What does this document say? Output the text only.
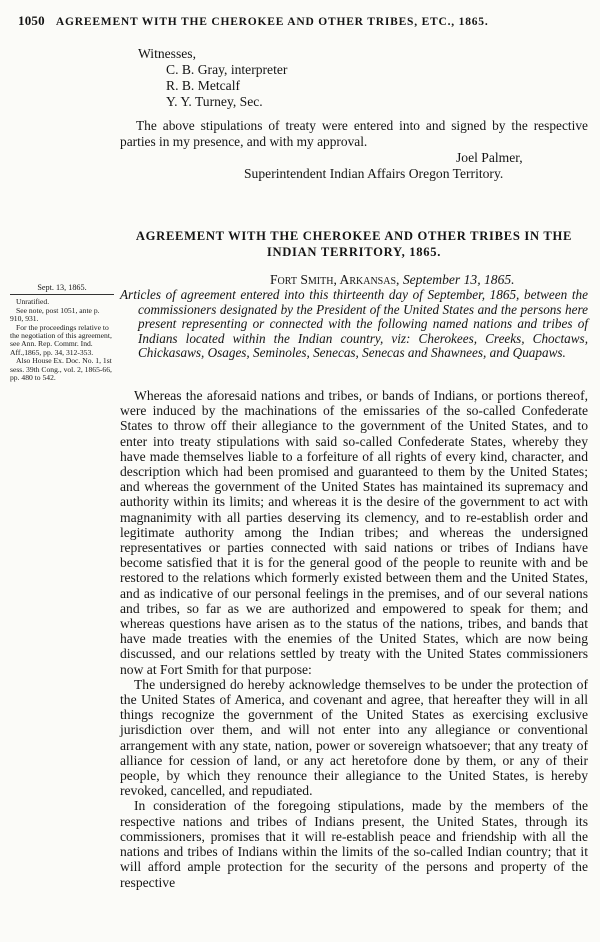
1050 AGREEMENT WITH THE CHEROKEE AND OTHER TRIBES, ETC., 1865.
Witnesses,
C. B. Gray, interpreter
R. B. Metcalf
Y. Y. Turney, Sec.
The above stipulations of treaty were entered into and signed by the respective parties in my presence, and with my approval.
Joel Palmer,
Superintendent Indian Affairs Oregon Territory.
AGREEMENT WITH THE CHEROKEE AND OTHER TRIBES IN THE INDIAN TERRITORY, 1865.
Fort Smith, Arkansas, September 13, 1865.
Sept. 13, 1865.
Unratified.
See note, post 1051, ante p. 910, 931.
For the proceedings relative to the negotiation of this agreement, see Ann. Rep. Commr. Ind. Aff.,1865, pp. 34, 312-353.
Also House Ex. Doc. No. 1, 1st sess. 39th Cong., vol. 2, 1865-66, pp. 480 to 542.
Articles of agreement entered into this thirteenth day of September, 1865, between the commissioners designated by the President of the United States and the persons here present representing or connected with the following named nations and tribes of Indians located within the Indian country, viz: Cherokees, Creeks, Choctaws, Chickasaws, Osages, Seminoles, Senecas, Senecas and Shawnees, and Quapaws.

Whereas the aforesaid nations and tribes, or bands of Indians, or portions thereof, were induced by the machinations of the emissaries of the so-called Confederate States to throw off their allegiance to the government of the United States, and to enter into treaty stipulations with said so-called Confederate States, whereby they have made themselves liable to a forfeiture of all rights of every kind, character, and description which had been promised and guaranteed to them by the United States; and whereas the government of the United States has maintained its supremacy and authority within its limits; and whereas it is the desire of the government to act with magnanimity with all parties deserving its clemency, and to re-establish order and legitimate authority among the Indian tribes; and whereas the undersigned representatives or parties connected with said nations or tribes of Indians have become satisfied that it is for the general good of the people to reunite with and be restored to the relations which formerly existed between them and the United States, and as indicative of our personal feelings in the premises, and of our several nations and tribes, so far as we are authorized and empowered to speak for them; and whereas questions have arisen as to the status of the nations, tribes, and bands that have made treaties with the enemies of the United States, which are now being discussed, and our relations settled by treaty with the United States commissioners now at Fort Smith for that purpose:

The undersigned do hereby acknowledge themselves to be under the protection of the United States of America, and covenant and agree, that hereafter they will in all things recognize the government of the United States as exercising exclusive jurisdiction over them, and will not enter into any allegiance or conventional arrangement with any state, nation, power or sovereign whatsoever; that any treaty of alliance for cession of land, or any act heretofore done by them, or any of their people, by which they renounce their allegiance to the United States, is hereby revoked, cancelled, and repudiated.

In consideration of the foregoing stipulations, made by the members of the respective nations and tribes of Indians present, the United States, through its commissioners, promises that it will re-establish peace and friendship with all the nations and tribes of Indians within the limits of the so-called Indian country; that it will afford ample protection for the security of the persons and property of the respective
